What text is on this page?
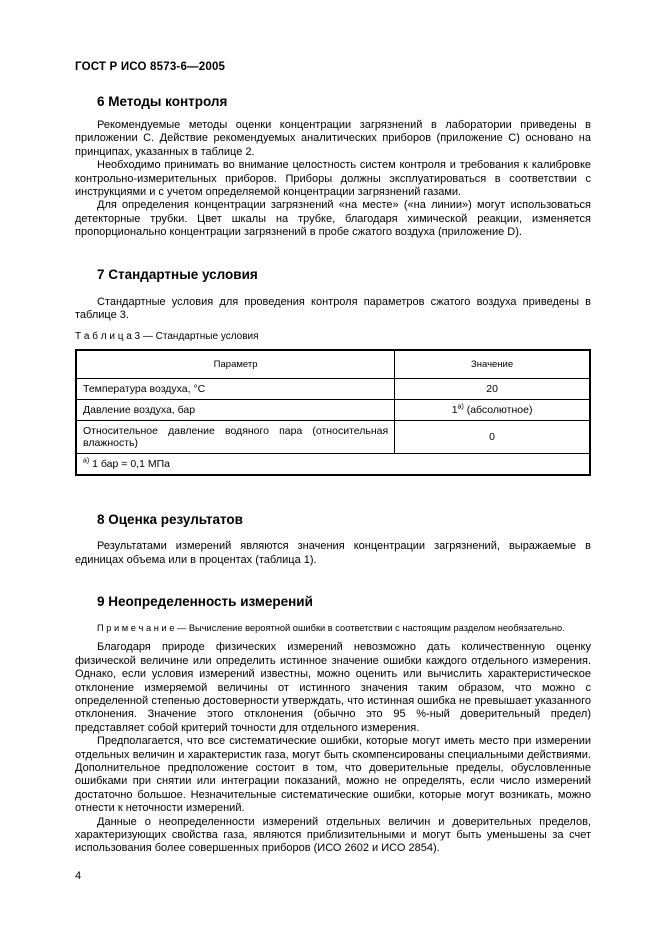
ГОСТ Р ИСО 8573-6—2005
6 Методы контроля

Рекомендуемые методы оценки концентрации загрязнений в лаборатории приведены в приложении С. Действие рекомендуемых аналитических приборов (приложение С) основано на принципах, указанных в таблице 2.

Необходимо принимать во внимание целостность систем контроля и требования к калибровке контрольно-измерительных приборов. Приборы должны эксплуатироваться в соответствии с инструкциями и с учетом определяемой концентрации загрязнений газами.

Для определения концентрации загрязнений «на месте» («на линии») могут использоваться детекторные трубки. Цвет шкалы на трубке, благодаря химической реакции, изменяется пропорционально концентрации загрязнений в пробе сжатого воздуха (приложение D).

7 Стандартные условия

Стандартные условия для проведения контроля параметров сжатого воздуха приведены в таблице 3.

Т а б л и ц а 3 — Стандартные условия
Параметр	Значение
Температура воздуха, °С	20
Давление воздуха, бар	$1^{а)}$ (абсолютное)
Относительное давление водяного пара (относительная влажность)	0
$^{а)}$ 1 бар = 0,1 МПа	
8 Оценка результатов

Результатами измерений являются значения концентрации загрязнений, выражаемые в единицах объема или в процентах (таблица 1).

9 Неопределенность измерений

П р и м е ч а н и е — Вычисление вероятной ошибки в соответствии с настоящим разделом необязательно.

Благодаря природе физических измерений невозможно дать количественную оценку физической величине или определить истинное значение ошибки каждого отдельного измерения. Однако, если условия измерений известны, можно оценить или вычислить характеристическое отклонение измеряемой величины от истинного значения таким образом, что можно с определенной степенью достоверности утверждать, что истинная ошибка не превышает указанного отклонения. Значение этого отклонения (обычно это 95 %-ный доверительный предел) представляет собой критерий точности для отдельного измерения.

Предполагается, что все систематические ошибки, которые могут иметь место при измерении отдельных величин и характеристик газа, могут быть скомпенсированы специальными действиями. Дополнительное предположение состоит в том, что доверительные пределы, обусловленные ошибками при снятии или интеграции показаний, можно не определять, если число измерений достаточно большое. Незначительные систематические ошибки, которые могут возникать, можно отнести к неточности измерений.

Данные о неопределенности измерений отдельных величин и доверительных пределов, характеризующих свойства газа, являются приблизительными и могут быть уменьшены за счет использования более совершенных приборов (ИСО 2602 и ИСО 2854).

4
